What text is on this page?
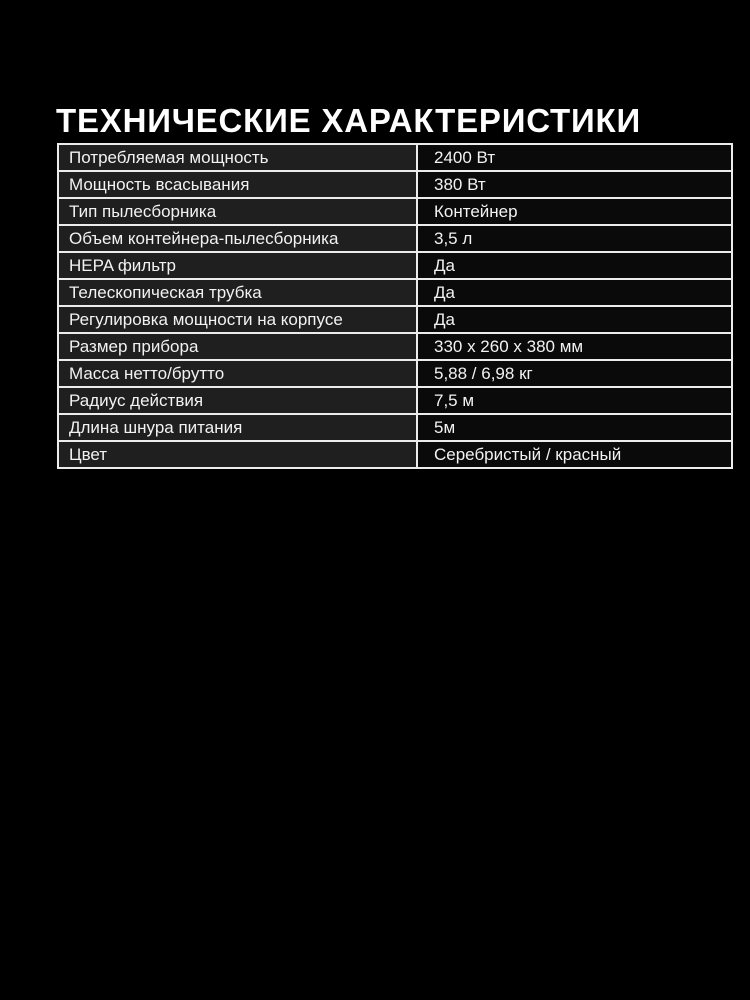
ТЕХНИЧЕСКИЕ ХАРАКТЕРИСТИКИ
Потребляемая мощность	2400 Вт
Мощность всасывания	380 Вт
Тип пылесборника	Контейнер
Объем контейнера-пылесборника	3,5 л
HEPA фильтр	Да
Телескопическая трубка	Да
Регулировка мощности на корпусе	Да
Размер прибора	330 x 260 x 380 мм
Масса нетто/брутто	5,88 / 6,98 кг
Радиус действия	7,5 м
Длина шнура питания	5м
Цвет	Серебристый / красный
